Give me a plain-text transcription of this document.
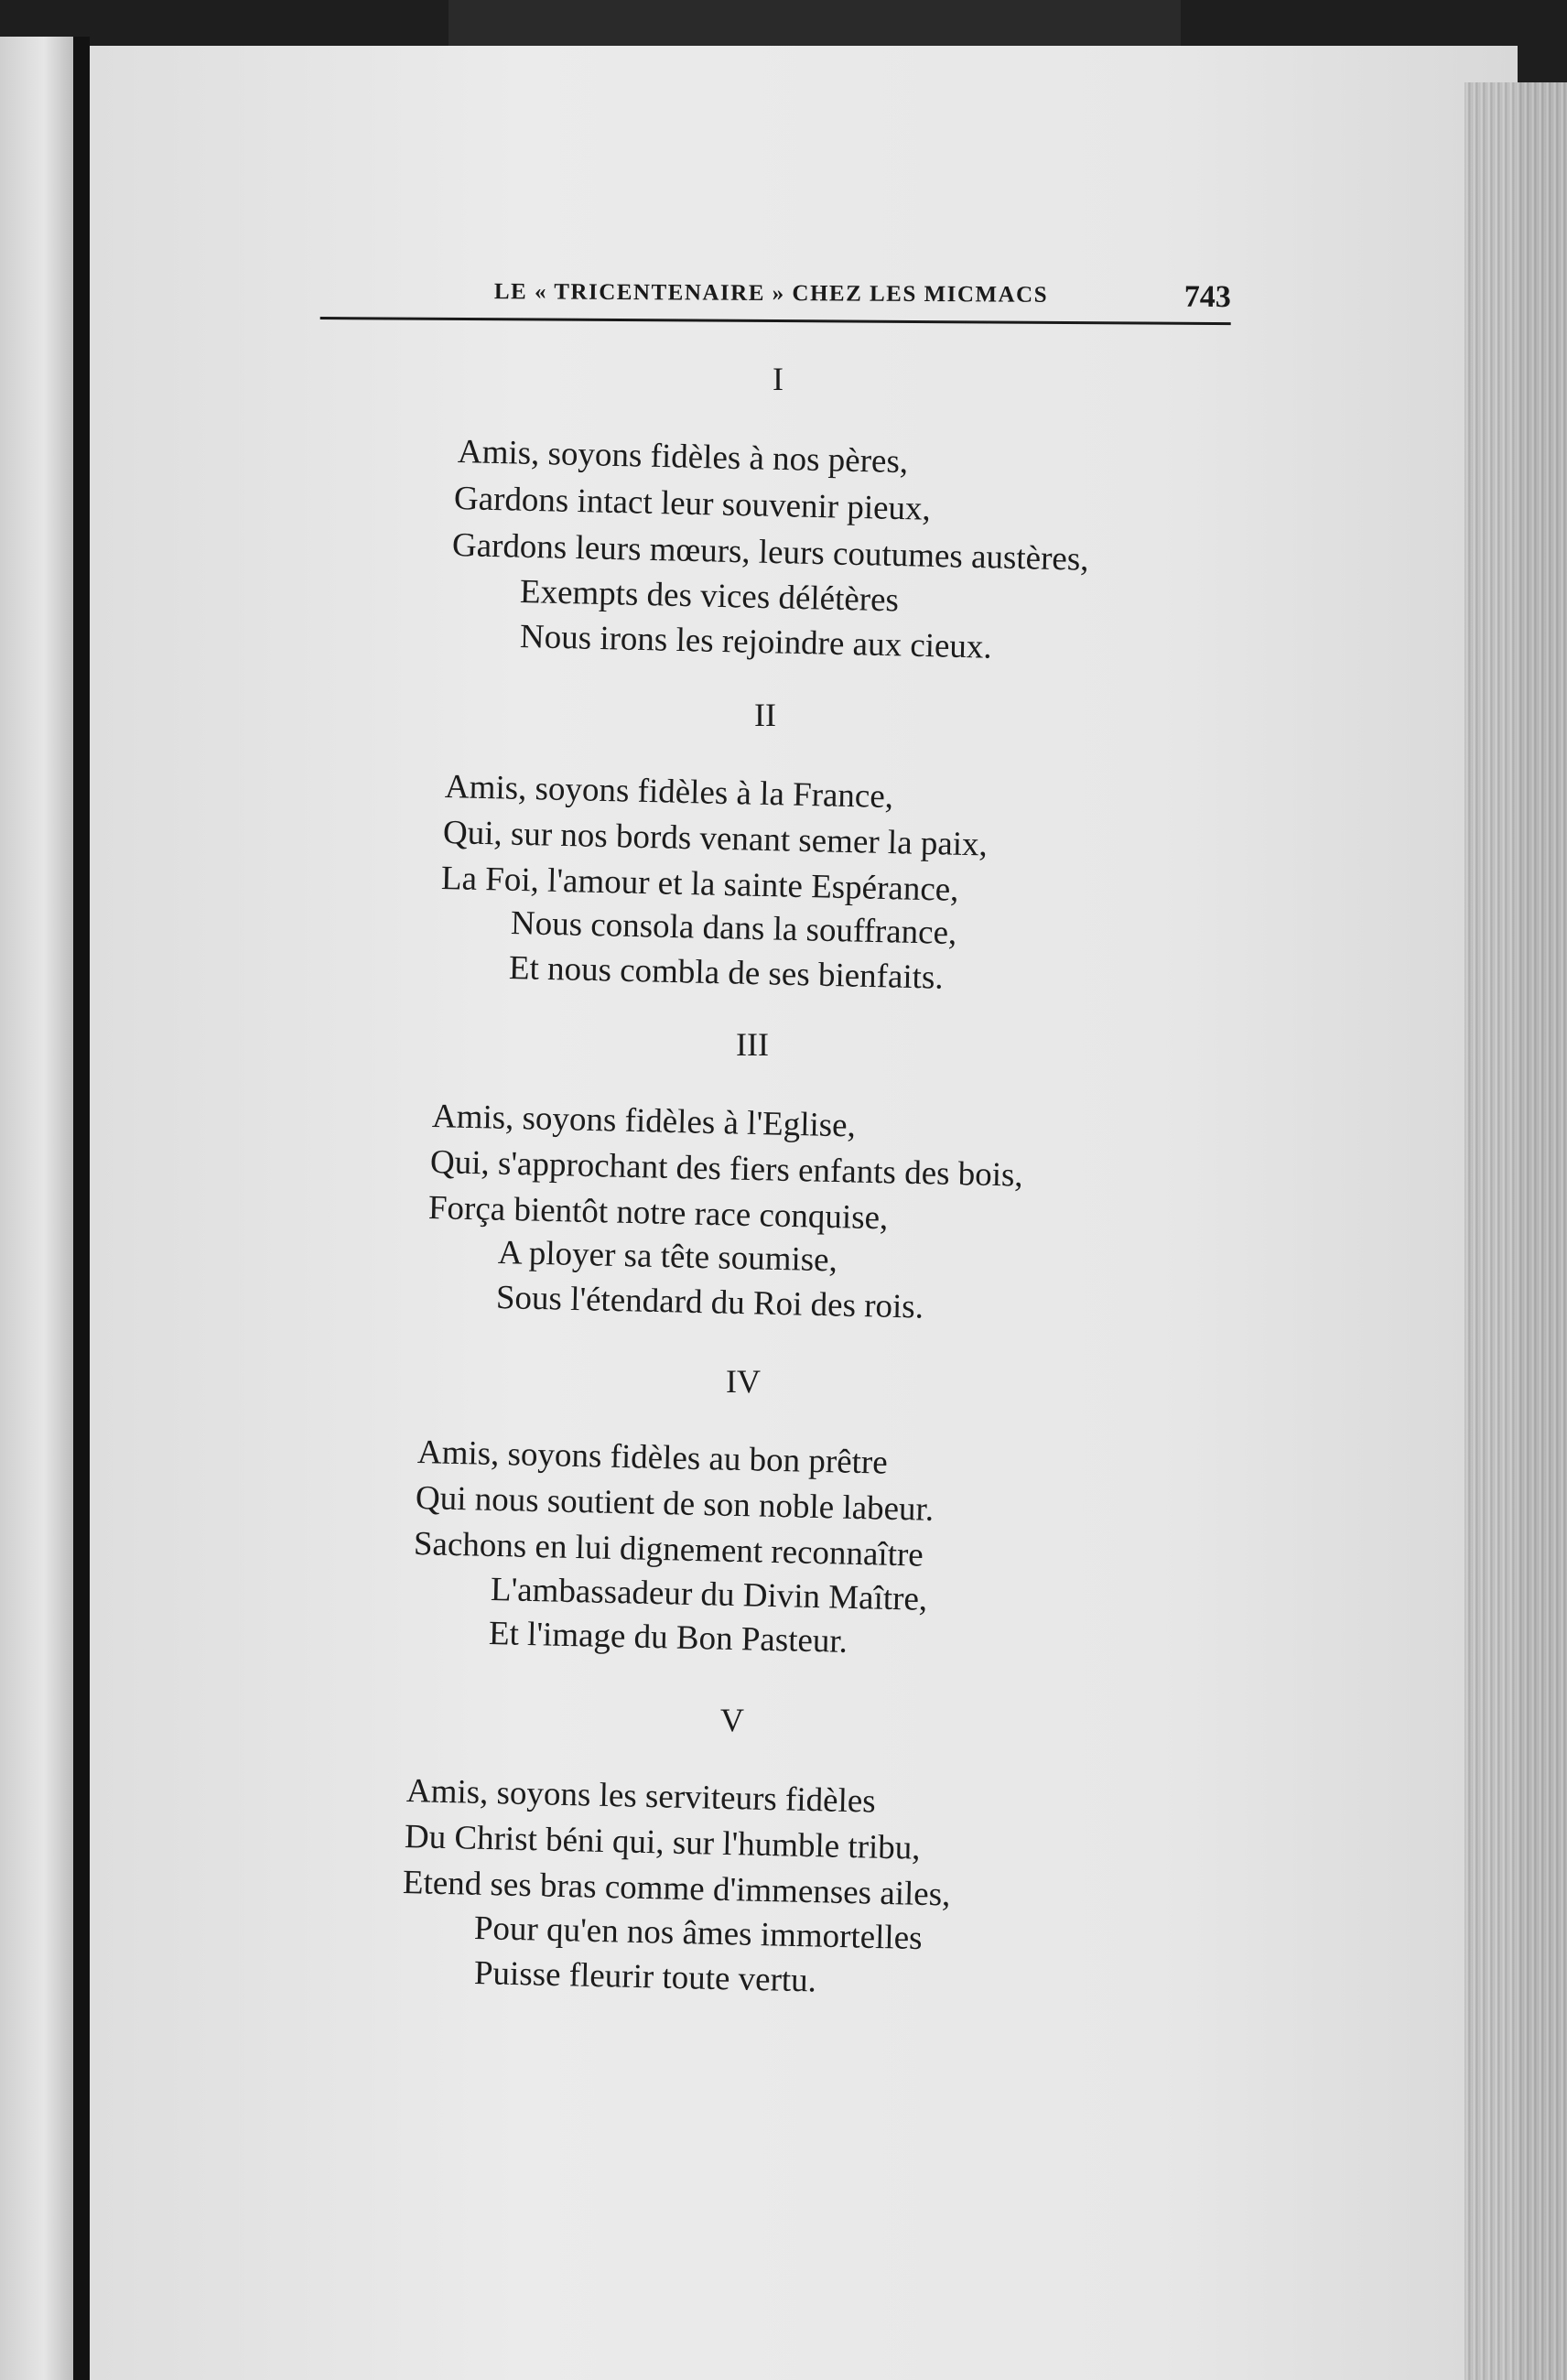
LE « TRICENTENAIRE » CHEZ LES MICMACS	743
I
Amis, soyons fidèles à nos pères,
Gardons intact leur souvenir pieux,
Gardons leurs mœurs, leurs coutumes austères,
Exempts des vices délétères
Nous irons les rejoindre aux cieux.
II
Amis, soyons fidèles à la France,
Qui, sur nos bords venant semer la paix,
La Foi, l'amour et la sainte Espérance,
Nous consola dans la souffrance,
Et nous combla de ses bienfaits.
III
Amis, soyons fidèles à l'Eglise,
Qui, s'approchant des fiers enfants des bois,
Força bientôt notre race conquise,
A ployer sa tête soumise,
Sous l'étendard du Roi des rois.
IV
Amis, soyons fidèles au bon prêtre
Qui nous soutient de son noble labeur.
Sachons en lui dignement reconnaître
L'ambassadeur du Divin Maître,
Et l'image du Bon Pasteur.
V
Amis, soyons les serviteurs fidèles
Du Christ béni qui, sur l'humble tribu,
Etend ses bras comme d'immenses ailes,
Pour qu'en nos âmes immortelles
Puisse fleurir toute vertu.
